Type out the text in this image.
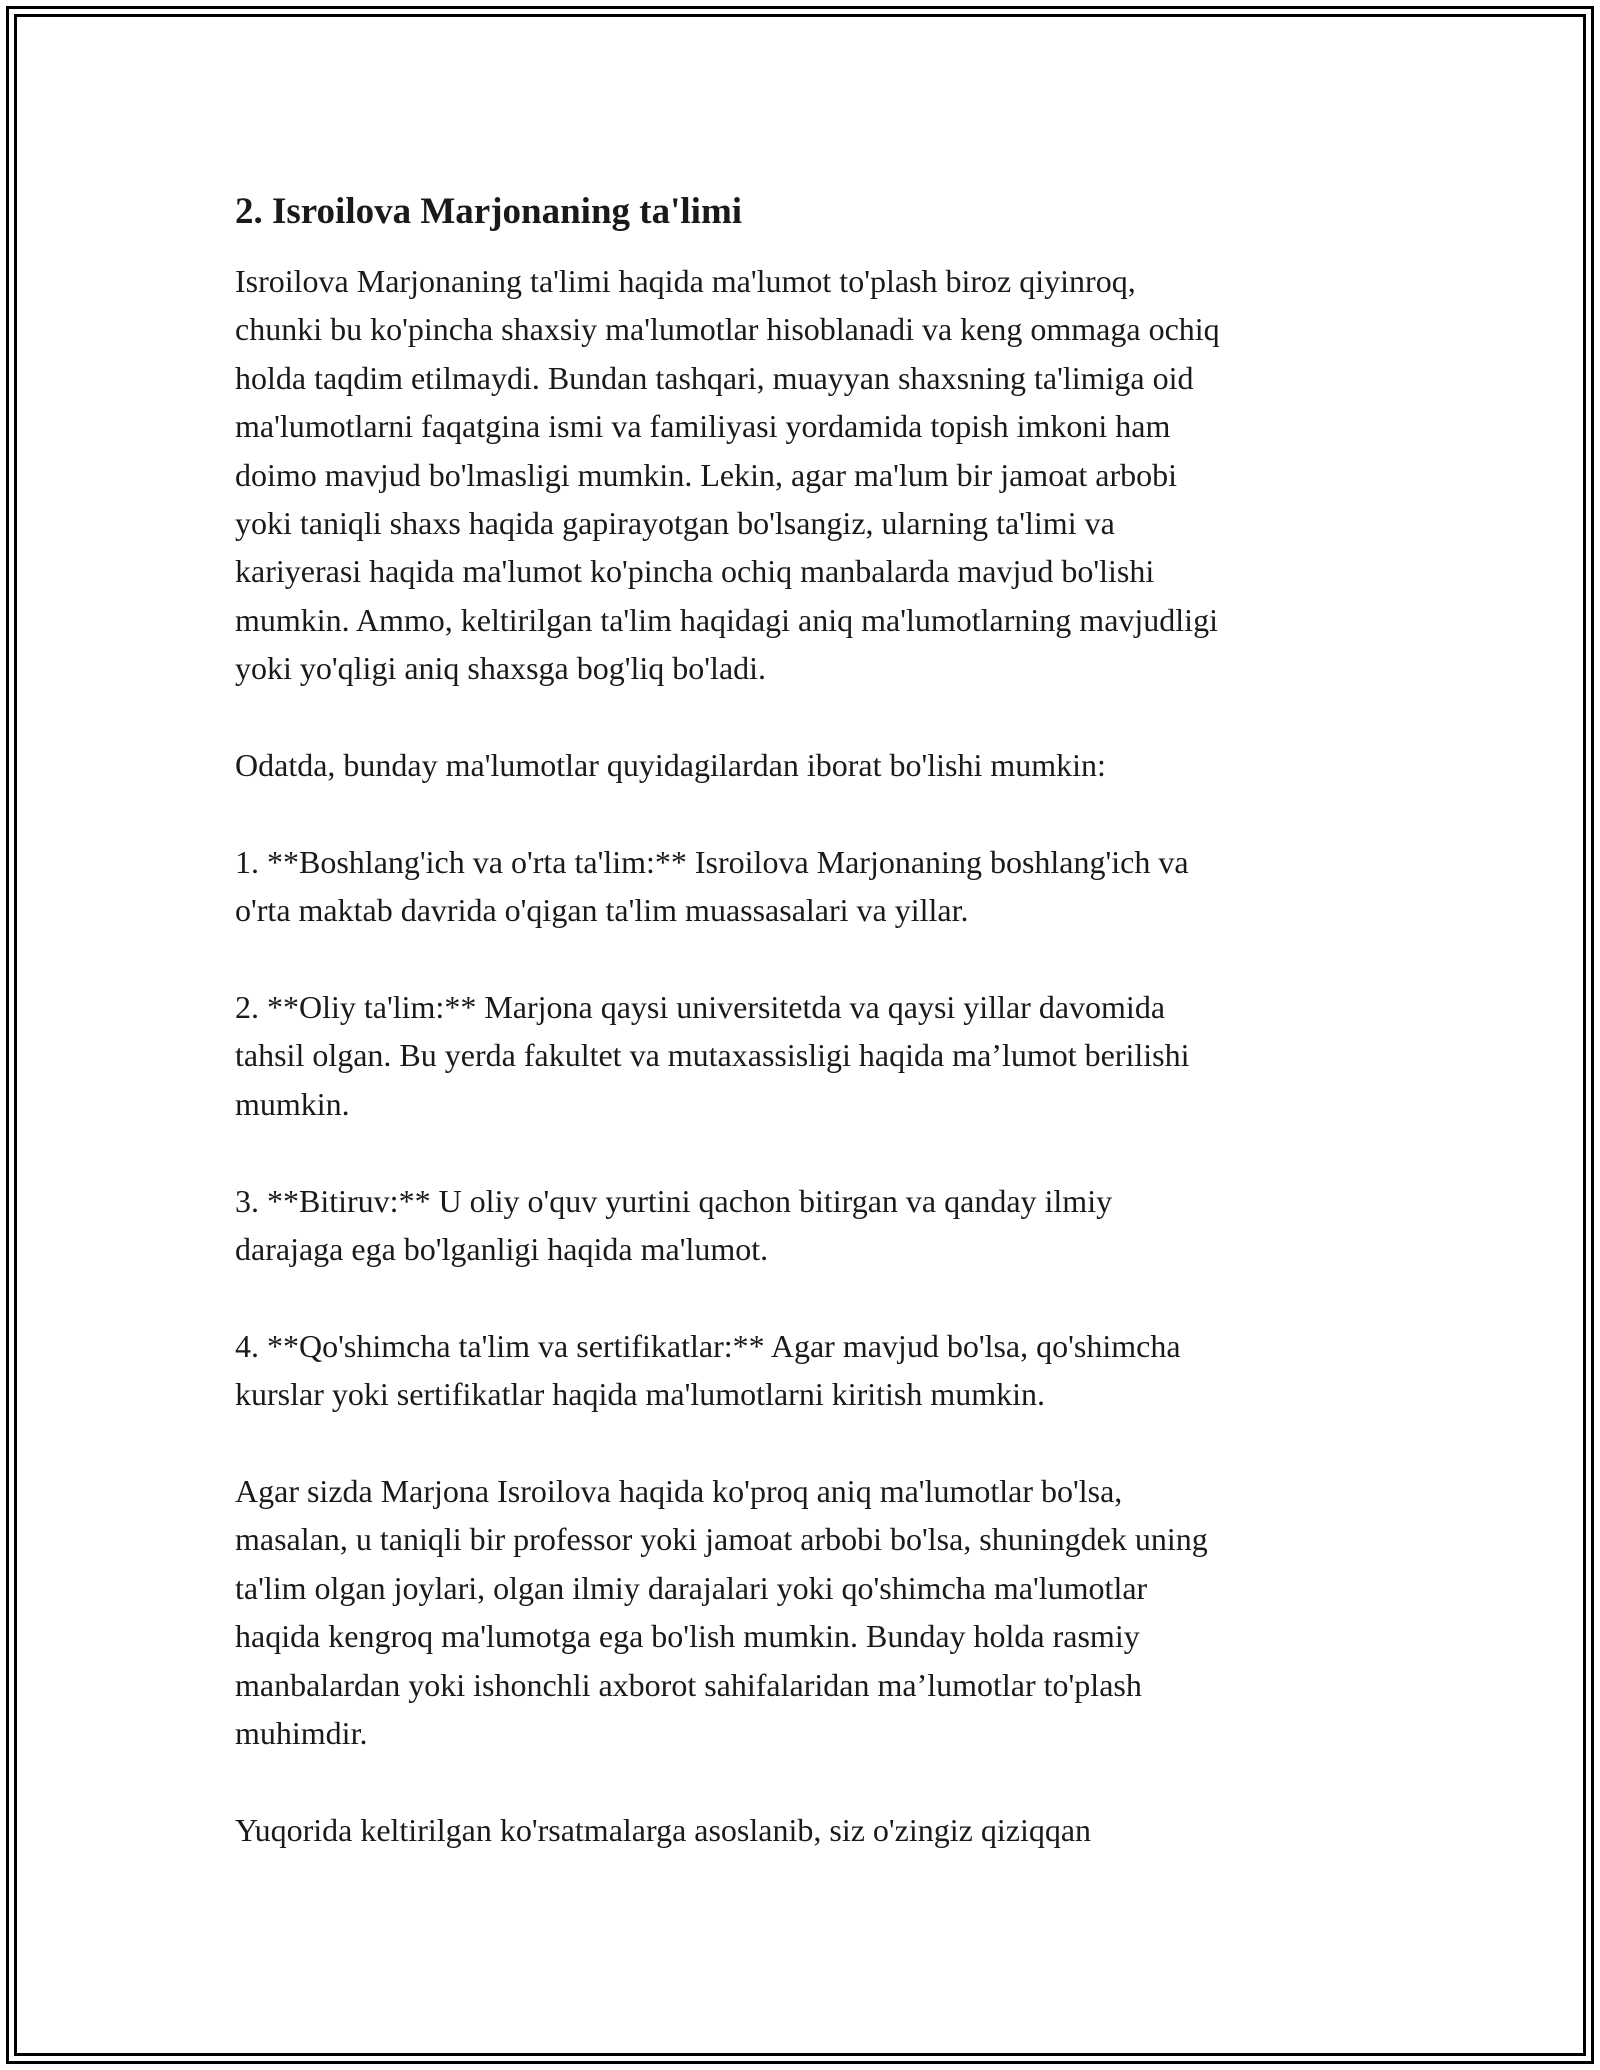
2. Isroilova Marjonaning ta'limi

Isroilova Marjonaning ta'limi haqida ma'lumot to'plash biroz qiyinroq,
chunki bu ko'pincha shaxsiy ma'lumotlar hisoblanadi va keng ommaga ochiq
holda taqdim etilmaydi. Bundan tashqari, muayyan shaxsning ta'limiga oid
ma'lumotlarni faqatgina ismi va familiyasi yordamida topish imkoni ham
doimo mavjud bo'lmasligi mumkin. Lekin, agar ma'lum bir jamoat arbobi
yoki taniqli shaxs haqida gapirayotgan bo'lsangiz, ularning ta'limi va
kariyerasi haqida ma'lumot ko'pincha ochiq manbalarda mavjud bo'lishi
mumkin. Ammo, keltirilgan ta'lim haqidagi aniq ma'lumotlarning mavjudligi
yoki yo'qligi aniq shaxsga bog'liq bo'ladi.

Odatda, bunday ma'lumotlar quyidagilardan iborat bo'lishi mumkin:

1. **Boshlang'ich va o'rta ta'lim:** Isroilova Marjonaning boshlang'ich va
o'rta maktab davrida o'qigan ta'lim muassasalari va yillar.

2. **Oliy ta'lim:** Marjona qaysi universitetda va qaysi yillar davomida
tahsil olgan. Bu yerda fakultet va mutaxassisligi haqida ma’lumot berilishi
mumkin.

3. **Bitiruv:** U oliy o'quv yurtini qachon bitirgan va qanday ilmiy
darajaga ega bo'lganligi haqida ma'lumot.

4. **Qo'shimcha ta'lim va sertifikatlar:** Agar mavjud bo'lsa, qo'shimcha
kurslar yoki sertifikatlar haqida ma'lumotlarni kiritish mumkin.

Agar sizda Marjona Isroilova haqida ko'proq aniq ma'lumotlar bo'lsa,
masalan, u taniqli bir professor yoki jamoat arbobi bo'lsa, shuningdek uning
ta'lim olgan joylari, olgan ilmiy darajalari yoki qo'shimcha ma'lumotlar
haqida kengroq ma'lumotga ega bo'lish mumkin. Bunday holda rasmiy
manbalardan yoki ishonchli axborot sahifalaridan ma’lumotlar to'plash
muhimdir.

Yuqorida keltirilgan ko'rsatmalarga asoslanib, siz o'zingiz qiziqqan
